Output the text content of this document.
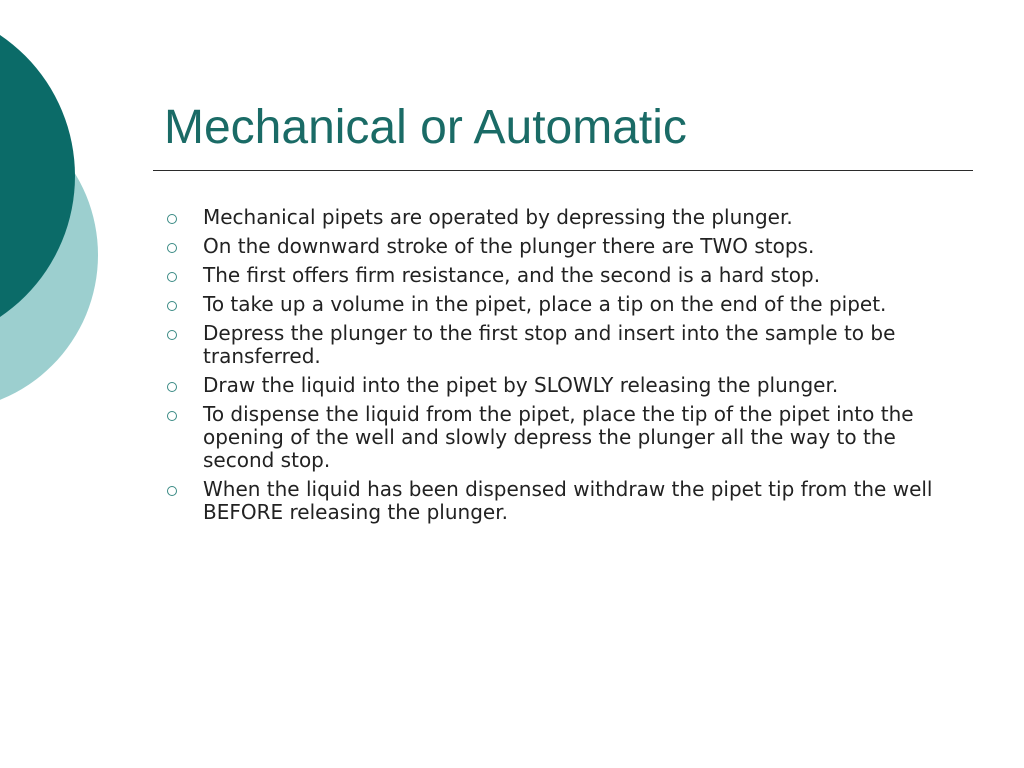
Mechanical or Automatic
Mechanical pipets are operated by depressing the plunger.
On the downward stroke of the plunger there are TWO stops.
The first offers firm resistance, and the second is a hard stop.
To take up a volume in the pipet, place a tip on the end of the pipet.
Depress the plunger to the first stop and insert into the sample to be transferred.
Draw the liquid into the pipet by SLOWLY releasing the plunger.
To dispense the liquid from the pipet, place the tip of the pipet into the opening of the well and slowly depress the plunger all the way to the second stop.
When the liquid has been dispensed withdraw the pipet tip from the well BEFORE releasing the plunger.
